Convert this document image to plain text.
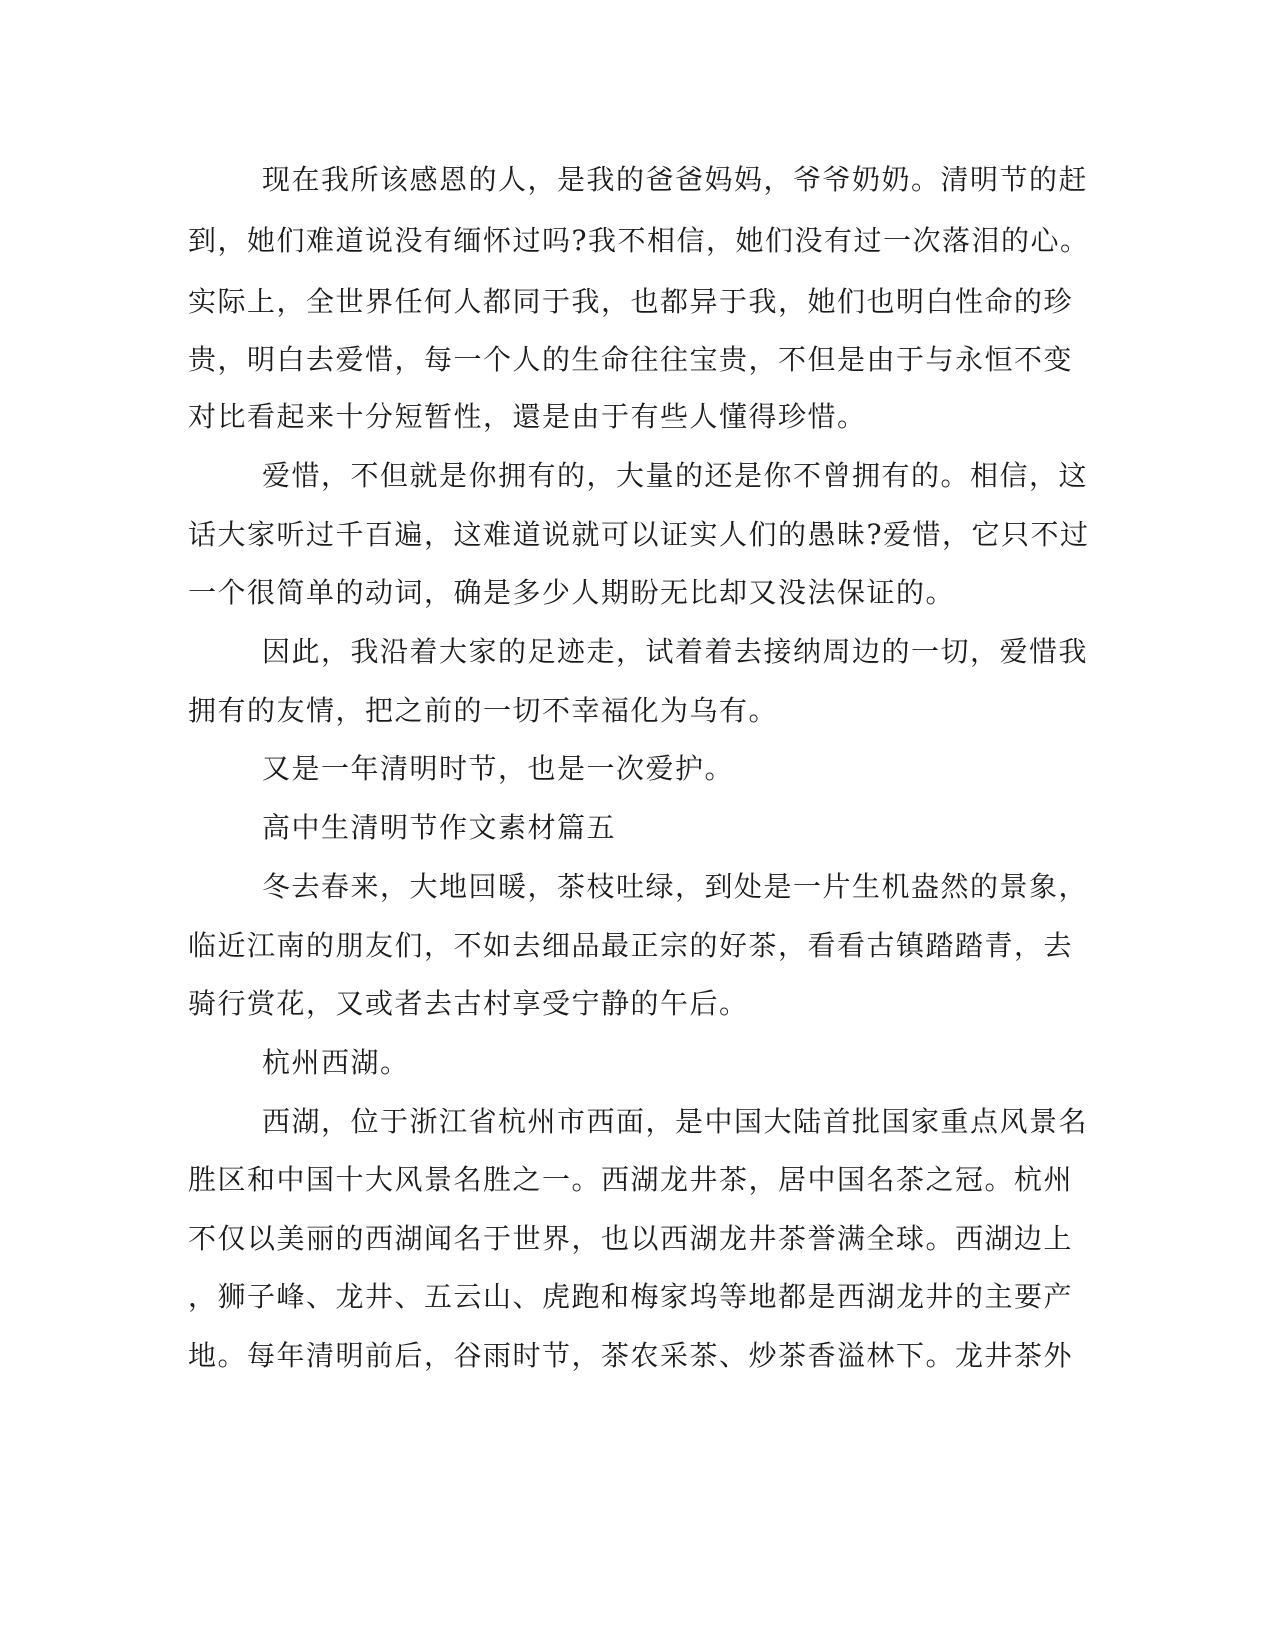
现在我所该感恩的人，是我的爸爸妈妈，爷爷奶奶。清明节的赶
到，她们难道说没有缅怀过吗?我不相信，她们没有过一次落泪的心。
实际上，全世界任何人都同于我，也都异于我，她们也明白性命的珍
贵，明白去爱惜，每一个人的生命往往宝贵，不但是由于与永恒不变
对比看起来十分短暂性，還是由于有些人懂得珍惜。
爱惜，不但就是你拥有的，大量的还是你不曾拥有的。相信，这
话大家听过千百遍，这难道说就可以证实人们的愚昧?爱惜，它只不过
一个很简单的动词，确是多少人期盼无比却又没法保证的。
因此，我沿着大家的足迹走，试着着去接纳周边的一切，爱惜我
拥有的友情，把之前的一切不幸福化为乌有。
又是一年清明时节，也是一次爱护。
高中生清明节作文素材篇五
冬去春来，大地回暖，茶枝吐绿，到处是一片生机盎然的景象，
临近江南的朋友们，不如去细品最正宗的好茶，看看古镇踏踏青，去
骑行赏花，又或者去古村享受宁静的午后。
杭州西湖。
西湖，位于浙江省杭州市西面，是中国大陆首批国家重点风景名
胜区和中国十大风景名胜之一。西湖龙井茶，居中国名茶之冠。杭州
不仅以美丽的西湖闻名于世界，也以西湖龙井茶誉满全球。西湖边上
，狮子峰、龙井、五云山、虎跑和梅家坞等地都是西湖龙井的主要产
地。每年清明前后，谷雨时节，茶农采茶、炒茶香溢林下。龙井茶外
